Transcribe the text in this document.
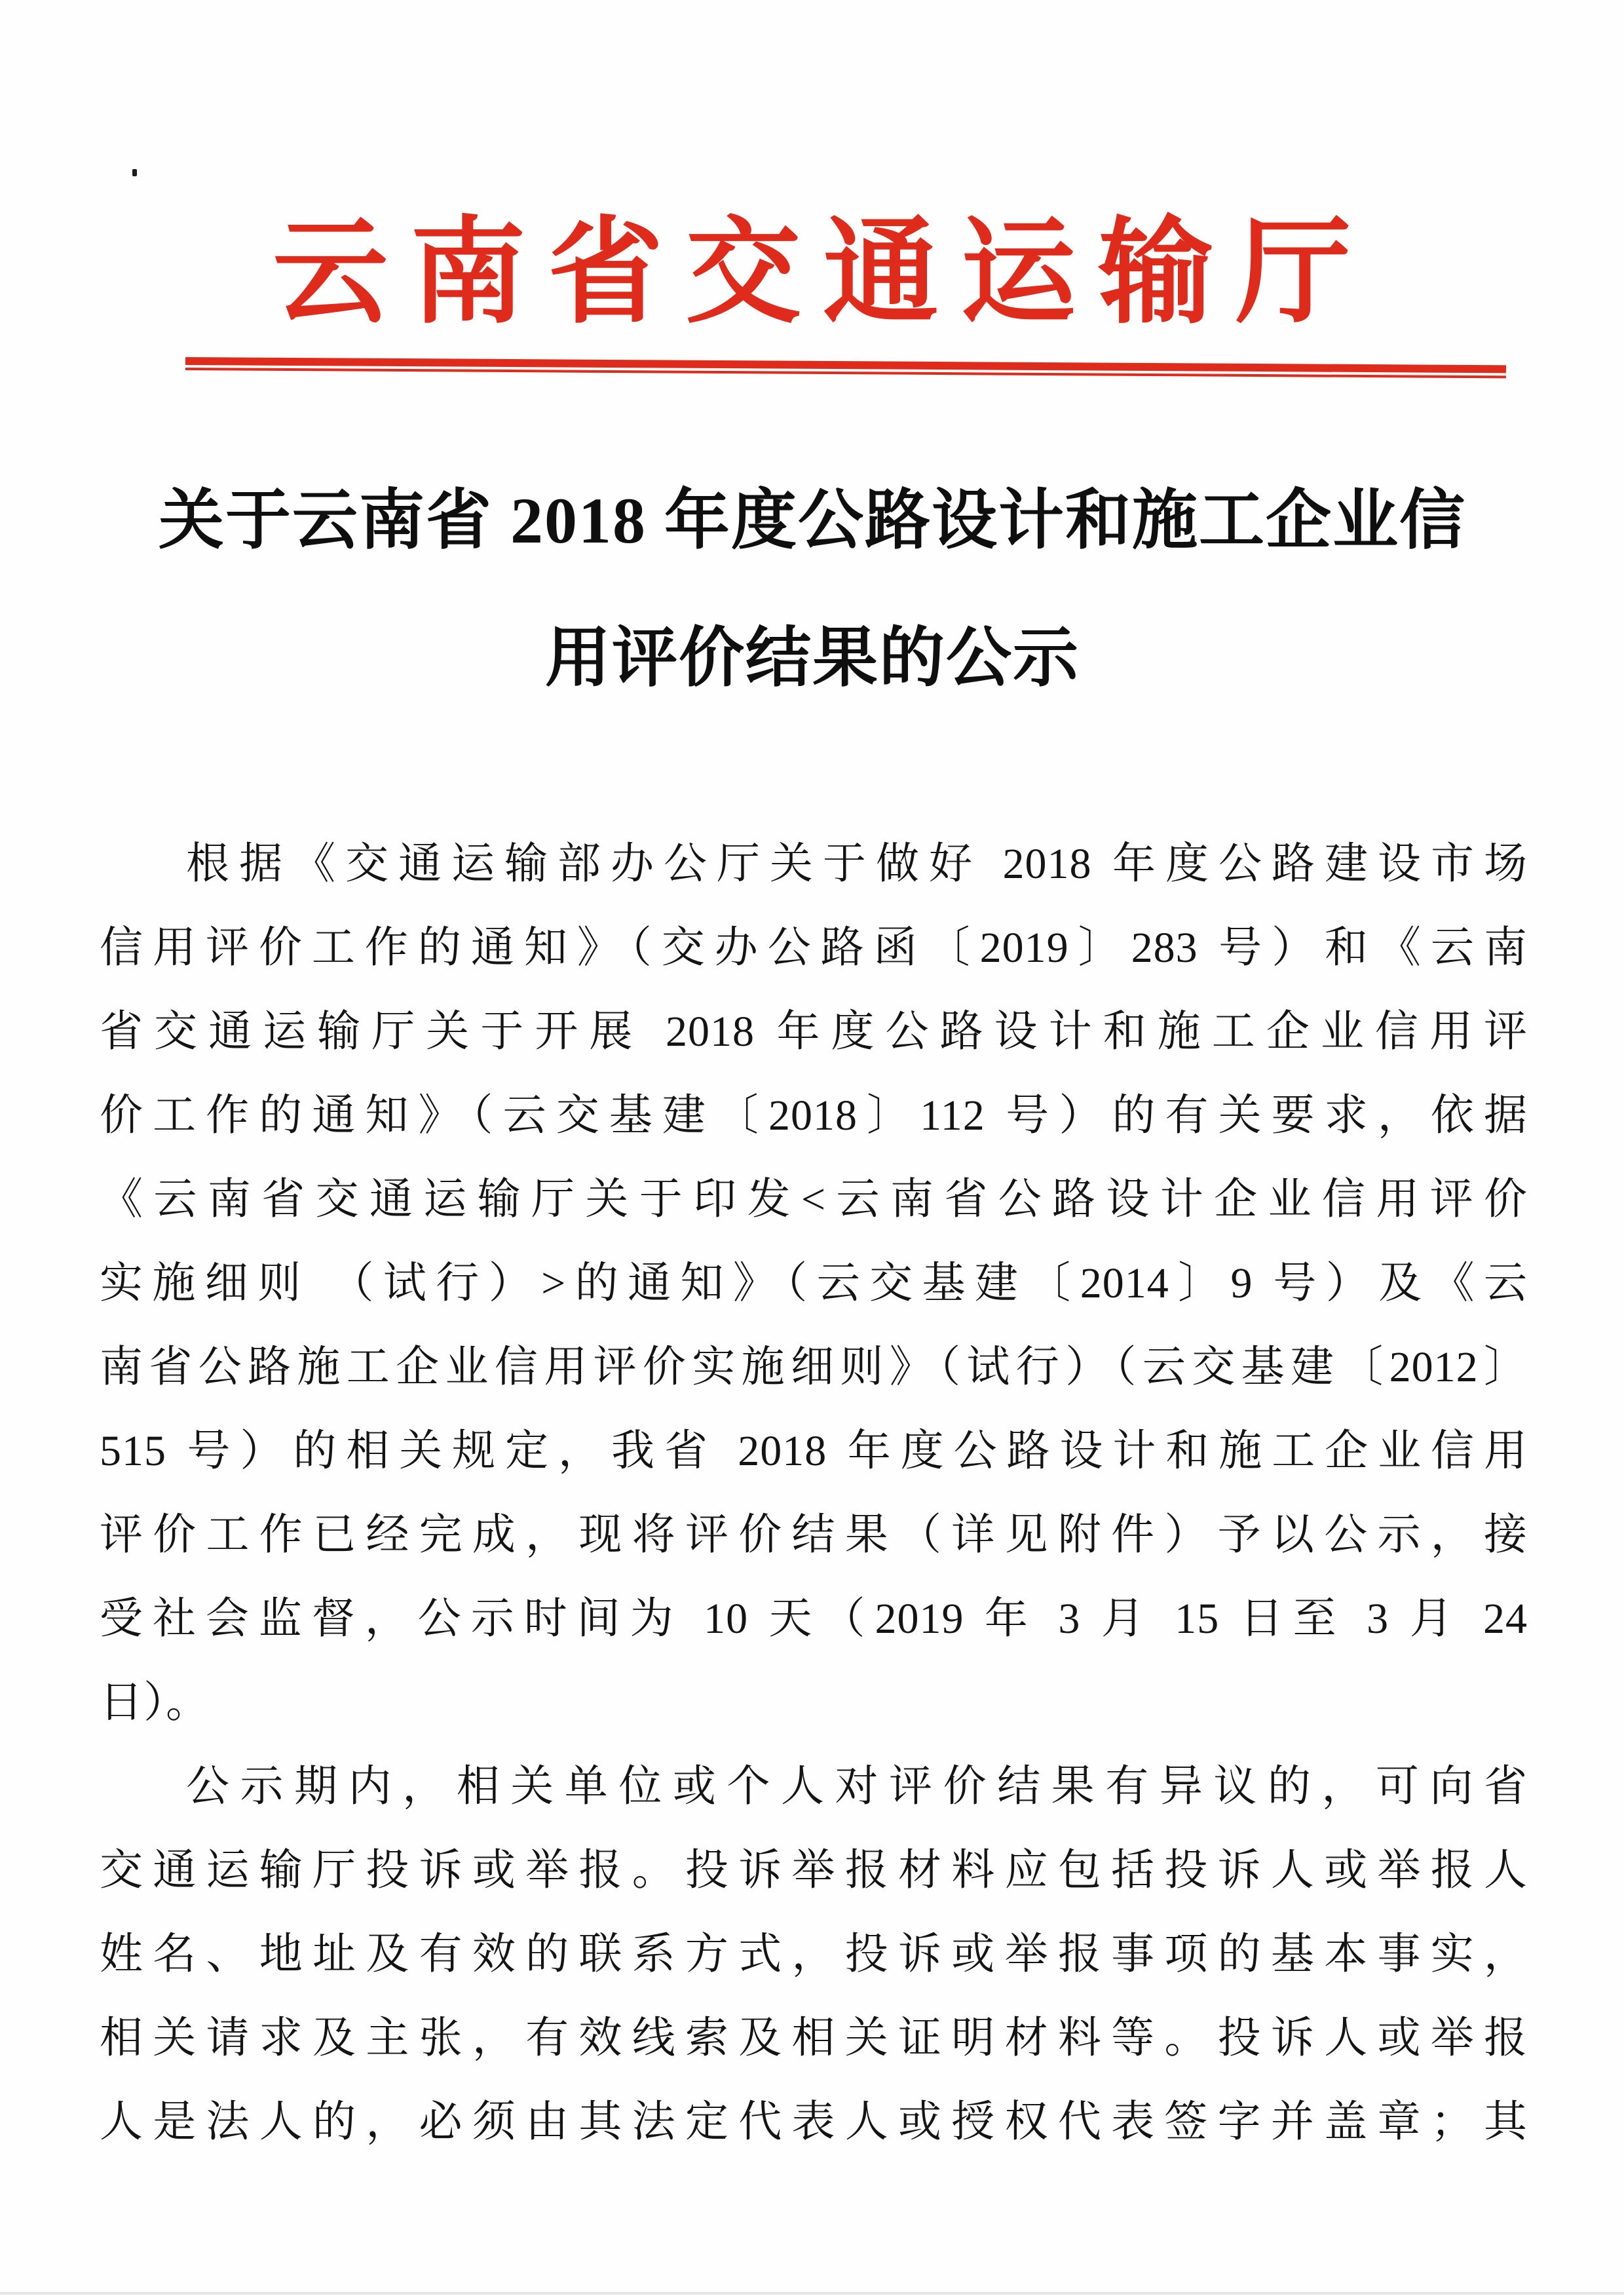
云南省交通运输厅
关于云南省 2018 年度公路设计和施工企业信
用评价结果的公示
根据《交通运输部办公厅关于做好 2018 年度公路建设市场
信用评价工作的通知》（交办公路函〔2019〕283 号）和《云南
省交通运输厅关于开展 2018 年度公路设计和施工企业信用评
价工作的通知》（云交基建〔2018〕112 号）的有关要求，依据
《云南省交通运输厅关于印发<云南省公路设计企业信用评价
实施细则 （试行）>的通知》（云交基建〔2014〕9 号）及《云
南省公路施工企业信用评价实施细则》（试行）（云交基建〔2012〕
515 号）的相关规定，我省 2018 年度公路设计和施工企业信用
评价工作已经完成，现将评价结果（详见附件）予以公示，接
受社会监督，公示时间为 10 天（2019 年 3 月 15 日至 3 月 24
日）。
公示期内，相关单位或个人对评价结果有异议的，可向省
交通运输厅投诉或举报。投诉举报材料应包括投诉人或举报人
姓名、地址及有效的联系方式，投诉或举报事项的基本事实，
相关请求及主张，有效线索及相关证明材料等。投诉人或举报
人是法人的，必须由其法定代表人或授权代表签字并盖章；其
